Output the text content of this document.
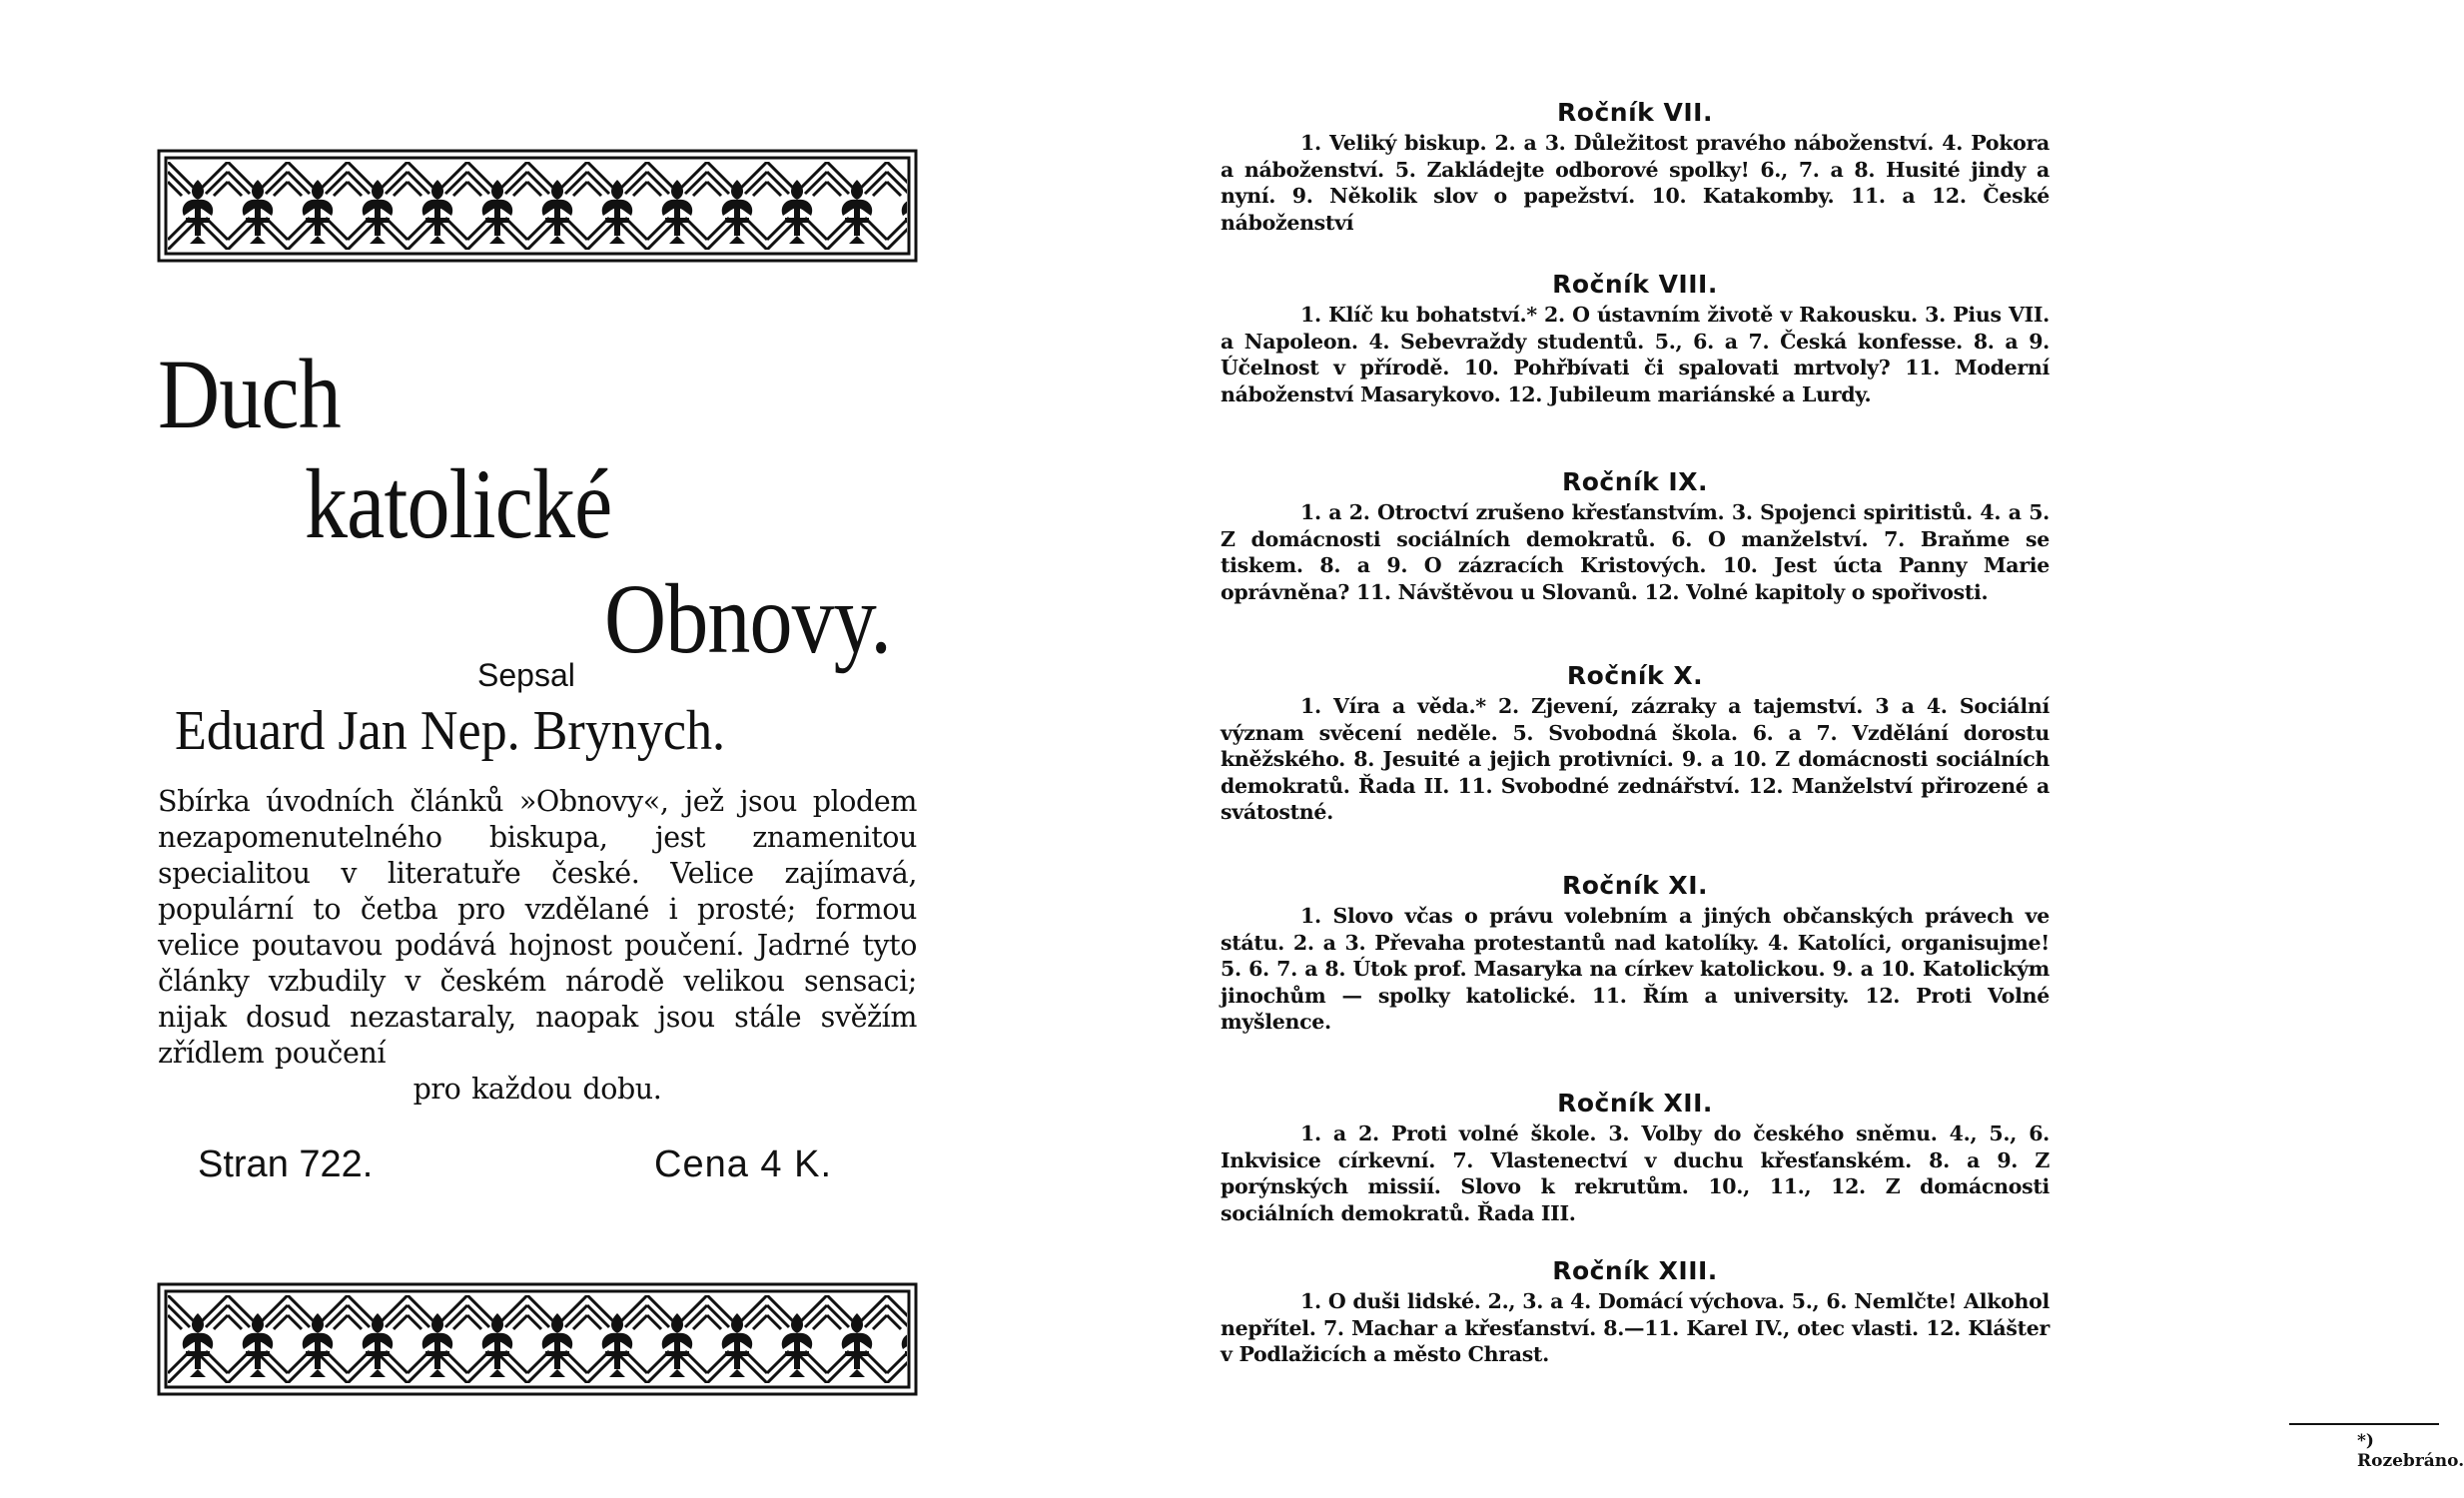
Duch
katolické
Obnovy.
Sepsal
Eduard Jan Nep. Brynych.
Sbírka úvodních článků »Obnovy«, jež jsou plodem nezapomenutelného biskupa, jest znamenitou specialitou v literatuře české. Velice zajímavá, populární to četba pro vzdělané i prosté; formou velice poutavou podává hojnost poučení. Jadrné tyto články vzbudily v českém národě velikou sensaci; nijak dosud nezastaraly, naopak jsou stále svěžím zřídlem poučení
pro každou dobu.
Stran 722.	Cena 4 K.
Ročník VII.
1. Veliký biskup. 2. a 3. Důležitost pravého náboženství. 4. Pokora a náboženství. 5. Zakládejte odborové spolky! 6., 7. a 8. Husité jindy a nyní. 9. Několik slov o papežství. 10. Katakomby. 11. a 12. České náboženství
Ročník VIII.
1. Klíč ku bohatství.* 2. O ústavním životě v Rakousku. 3. Pius VII. a Napoleon. 4. Sebevraždy studentů. 5., 6. a 7. Česká konfesse. 8. a 9. Účelnost v přírodě. 10. Pohřbívati či spalovati mrtvoly? 11. Moderní náboženství Masarykovo. 12. Jubileum mariánské a Lurdy.
Ročník IX.
1. a 2. Otroctví zrušeno křesťanstvím. 3. Spojenci spiritistů. 4. a 5. Z domácnosti sociálních demokratů. 6. O manželství. 7. Braňme se tiskem. 8. a 9. O zázracích Kristových. 10. Jest úcta Panny Marie oprávněna? 11. Návštěvou u Slovanů. 12. Volné kapitoly o spořivosti.
Ročník X.
1. Víra a věda.* 2. Zjevení, zázraky a tajemství. 3 a 4. Sociální význam svěcení neděle. 5. Svobodná škola. 6. a 7. Vzdělání dorostu kněžského. 8. Jesuité a jejich protivníci. 9. a 10. Z domácnosti sociálních demokratů. Řada II. 11. Svobodné zednářství. 12. Manželství přirozené a svátostné.
Ročník XI.
1. Slovo včas o právu volebním a jiných občanských právech ve státu. 2. a 3. Převaha protestantů nad katolíky. 4. Katolíci, organisujme! 5. 6. 7. a 8. Útok prof. Masaryka na církev katolickou. 9. a 10. Katolickým jinochům — spolky katolické. 11. Řím a university. 12. Proti Volné myšlence.
Ročník XII.
1. a 2. Proti volné škole. 3. Volby do českého sněmu. 4., 5., 6. Inkvisice církevní. 7. Vlastenectví v duchu křesťanském. 8. a 9. Z porýnských missií. Slovo k rekrutům. 10., 11., 12. Z domácnosti sociálních demokratů. Řada III.
Ročník XIII.
1. O duši lidské. 2., 3. a 4. Domácí výchova. 5., 6. Nemlčte! Alkohol nepřítel. 7. Machar a křesťanství. 8.—11. Karel IV., otec vlasti. 12. Klášter v Podlažicích a město Chrast.
*) Rozebráno.
